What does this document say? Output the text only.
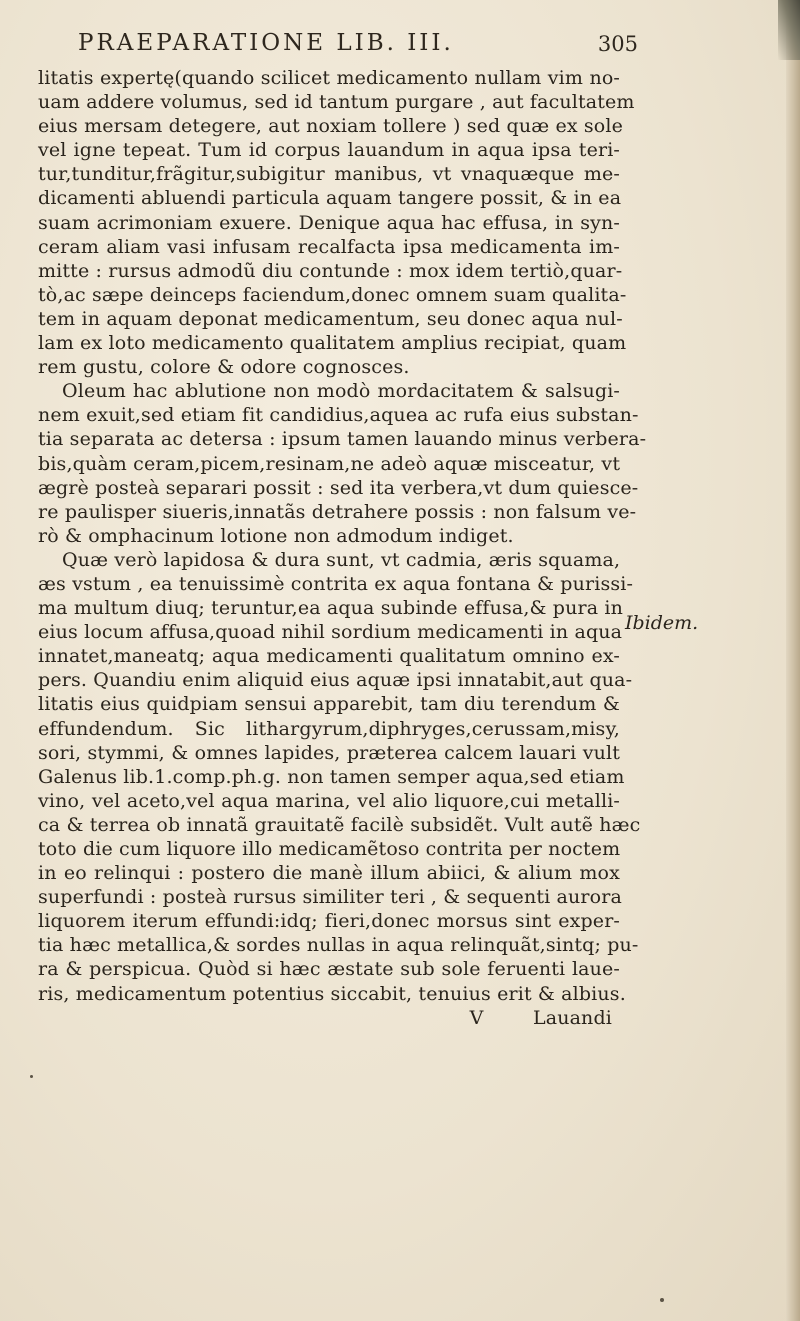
PRAEPARATIONE LIB. III.	305
litatis expertę(quando scilicet medicamento nullam vim no-
uam addere volumus, sed id tantum purgare , aut facultatem
eius mersam detegere, aut noxiam tollere ) sed quæ ex sole
vel igne tepeat. Tum id corpus lauandum in aqua ipsa teri-
tur,tunditur,frãgitur,subigitur manibus, vt vnaquæque me-
dicamenti abluendi particula aquam tangere possit, & in ea
suam acrimoniam exuere. Denique aqua hac effusa, in syn-
ceram aliam vasi infusam recalfacta ipsa medicamenta im-
mitte : rursus admodũ diu contunde : mox idem tertiò,quar-
tò,ac sæpe deinceps faciendum,donec omnem suam qualita-
tem in aquam deponat medicamentum, seu donec aqua nul-
lam ex loto medicamento qualitatem amplius recipiat, quam
rem gustu, colore & odore cognosces.
Oleum hac ablutione non modò mordacitatem & salsugi-
nem exuit,sed etiam fit candidius,aquea ac rufa eius substan-
tia separata ac detersa : ipsum tamen lauando minus verbera-
bis,quàm ceram,picem,resinam,ne adeò aquæ misceatur, vt
ægrè posteà separari possit : sed ita verbera,vt dum quiesce-
re paulisper siueris,innatãs detrahere possis : non falsum ve-
rò & omphacinum lotione non admodum indiget.
Quæ verò lapidosa & dura sunt, vt cadmia, æris squama,
æs vstum , ea tenuissimè contrita ex aqua fontana & purissi-
ma multum diuq; teruntur,ea aqua subinde effusa,& pura in
eius locum affusa,quoad nihil sordium medicamenti in aqua
innatet,maneatq; aqua medicamenti qualitatum omnino ex-
pers. Quandiu enim aliquid eius aquæ ipsi innatabit,aut qua-
litatis eius quidpiam sensui apparebit, tam diu terendum &
effundendum. Sic lithargyrum,diphryges,cerussam,misy,
sori, stymmi, & omnes lapides, præterea calcem lauari vult
Galenus lib.1.comp.ph.g. non tamen semper aqua,sed etiam
vino, vel aceto,vel aqua marina, vel alio liquore,cui metalli-
ca & terrea ob innatã grauitatẽ facilè subsidẽt. Vult autẽ hæc
toto die cum liquore illo medicamẽtoso contrita per noctem
in eo relinqui : postero die manè illum abiici, & alium mox
superfundi : posteà rursus similiter teri , & sequenti aurora
liquorem iterum effundi:idq; fieri,donec morsus sint exper-
tia hæc metallica,& sordes nullas in aqua relinquãt,sintq; pu-
ra & perspicua. Quòd si hæc æstate sub sole feruenti laue-
ris, medicamentum potentius siccabit, tenuius erit & albius.
V        Lauandi
Ibidem.
